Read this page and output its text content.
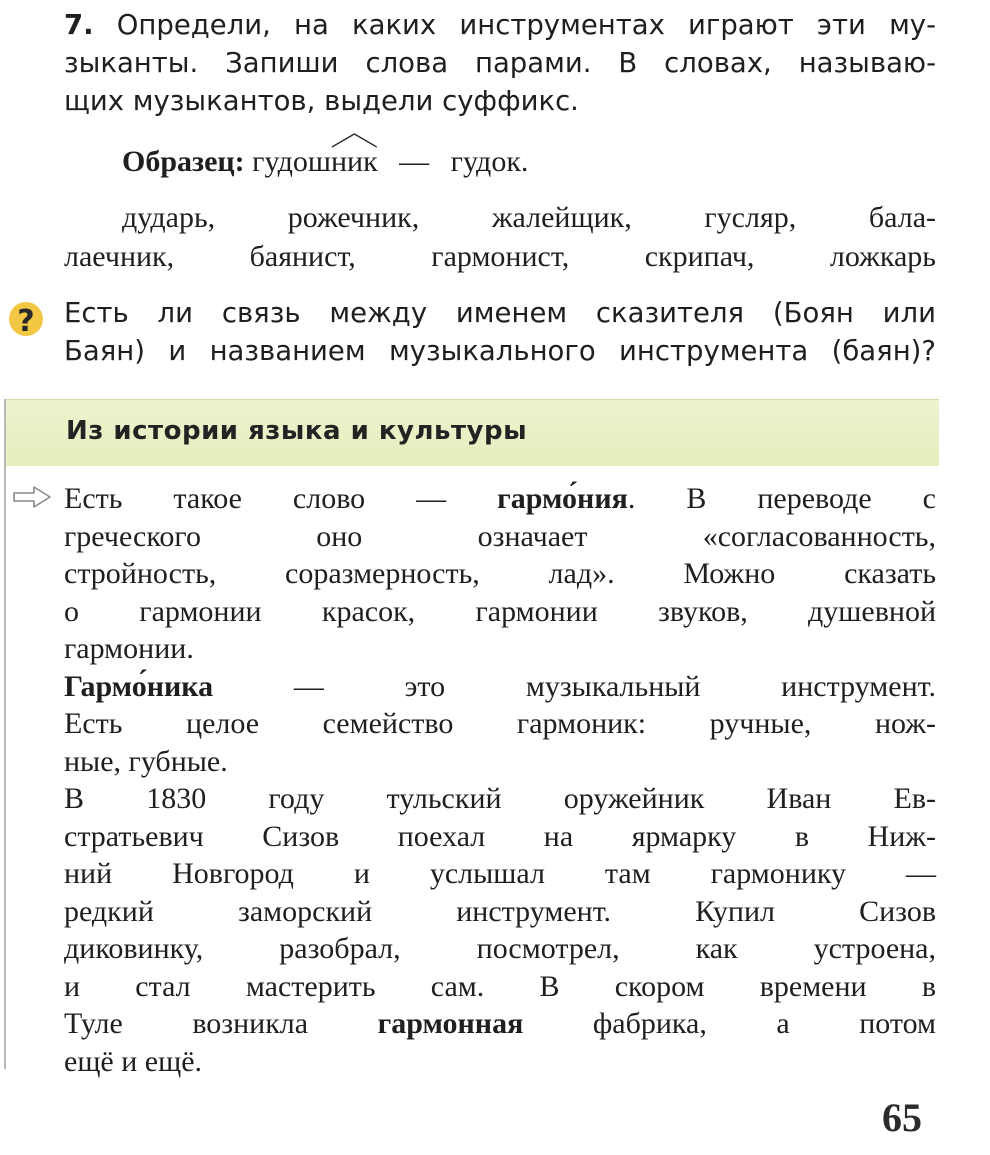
7. Определи, на каких инструментах играют эти му-
зыканты. Запиши слова парами. В словах, называю-
щих музыкантов, выдели суффикс.
Образец: гудош
ник — гудок.
дударь, рожечник, жалейщик, гусляр, бала-
лаечник, баянист, гармонист, скрипач, ложкарь
? Есть ли связь между именем сказителя (Боян или
Баян) и названием музыкального инструмента (баян)?
Из истории языка и культуры
Есть такое слово — гармо́ния. В переводе с
греческого оно означает «согласованность,
стройность, соразмерность, лад». Можно сказать
о гармонии красок, гармонии звуков, душевной
гармонии.
Гармо́ника — это музыкальный инструмент.
Есть целое семейство гармоник: ручные, нож-
ные, губные.
В 1830 году тульский оружейник Иван Ев-
стратьевич Сизов поехал на ярмарку в Ниж-
ний Новгород и услышал там гармонику —
редкий заморский инструмент. Купил Сизов
диковинку, разобрал, посмотрел, как устроена,
и стал мастерить сам. В скором времени в
Туле возникла гармонная фабрика, а потом
ещё и ещё.
65
